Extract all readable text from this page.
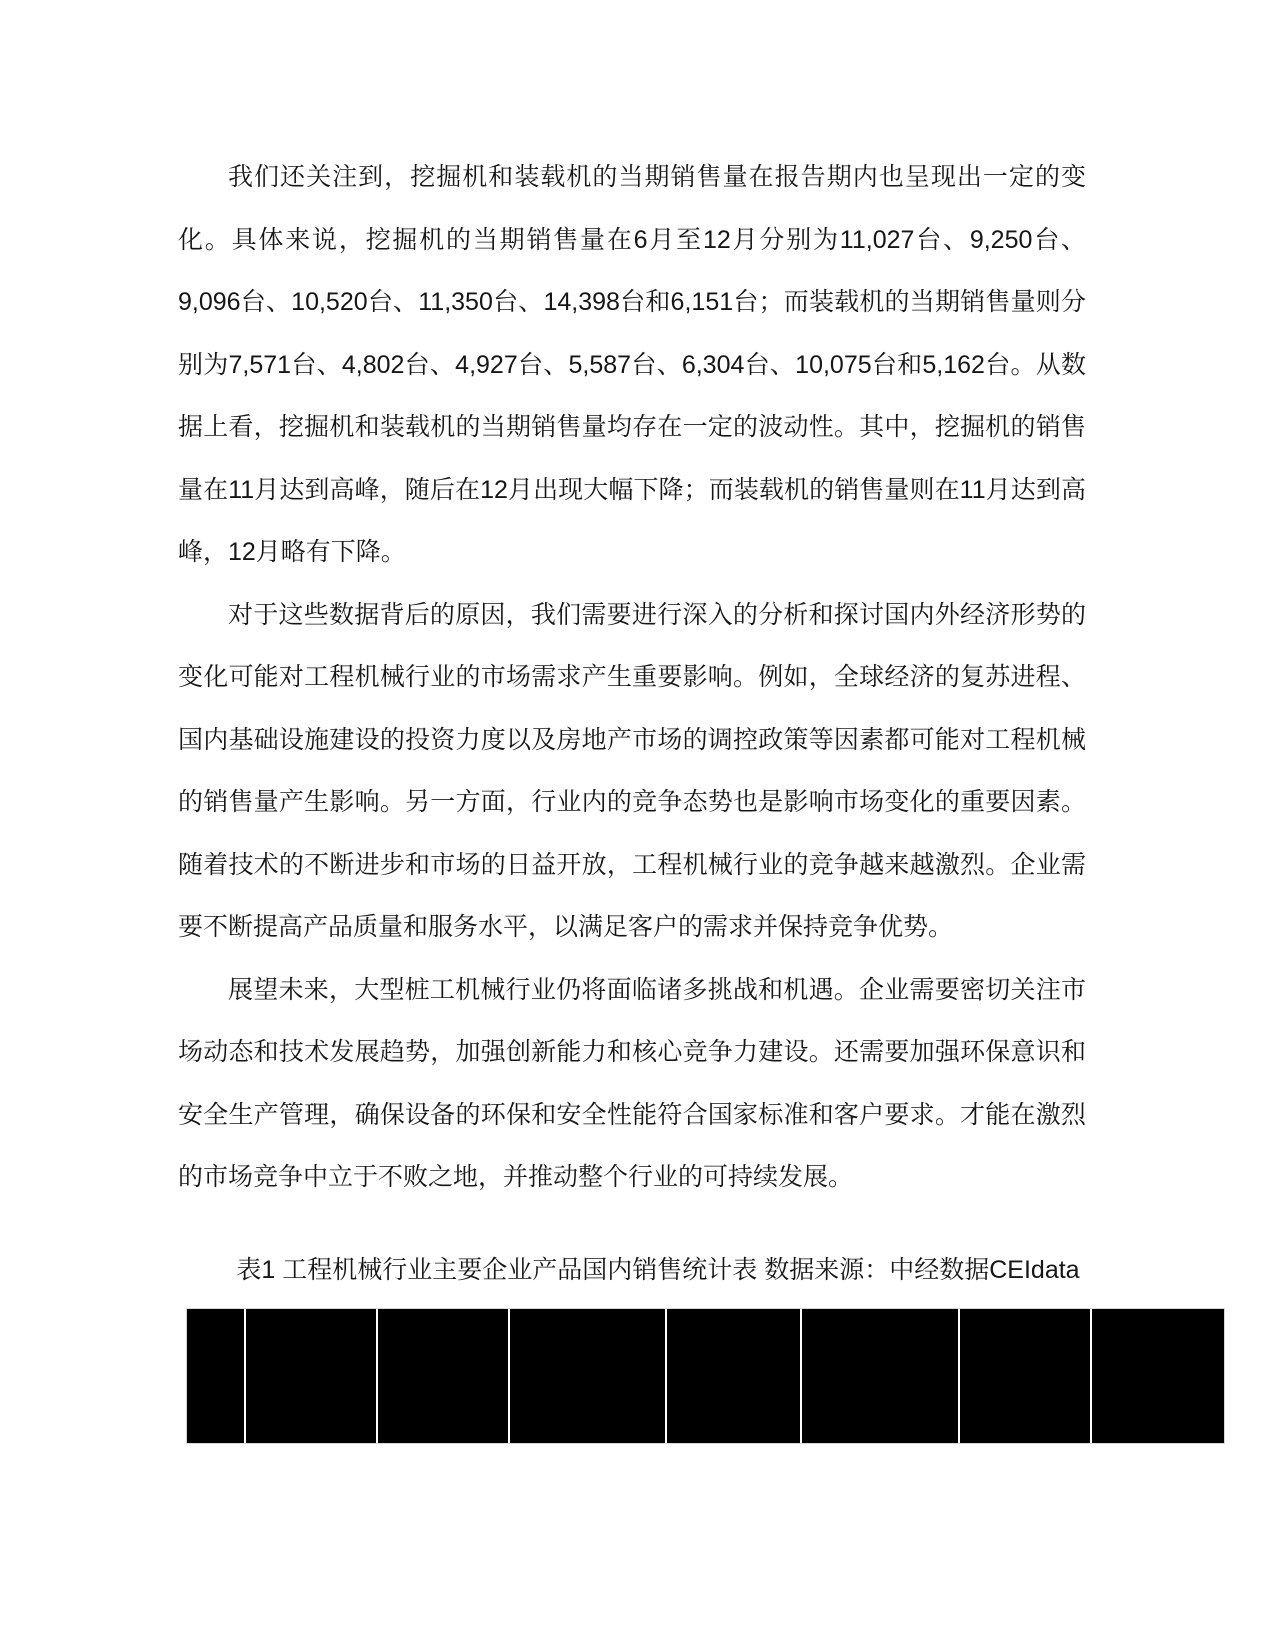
我们还关注到，挖掘机和装载机的当期销售量在报告期内也呈现出一定的变化。具体来说，挖掘机的当期销售量在6月至12月分别为11,027台、9,250台、9,096台、10,520台、11,350台、14,398台和6,151台；而装载机的当期销售量则分别为7,571台、4,802台、4,927台、5,587台、6,304台、10,075台和5,162台。从数据上看，挖掘机和装载机的当期销售量均存在一定的波动性。其中，挖掘机的销售量在11月达到高峰，随后在12月出现大幅下降；而装载机的销售量则在11月达到高峰，12月略有下降。

对于这些数据背后的原因，我们需要进行深入的分析和探讨国内外经济形势的变化可能对工程机械行业的市场需求产生重要影响。例如，全球经济的复苏进程、国内基础设施建设的投资力度以及房地产市场的调控政策等因素都可能对工程机械的销售量产生影响。另一方面，行业内的竞争态势也是影响市场变化的重要因素。随着技术的不断进步和市场的日益开放，工程机械行业的竞争越来越激烈。企业需要不断提高产品质量和服务水平，以满足客户的需求并保持竞争优势。

展望未来，大型桩工机械行业仍将面临诸多挑战和机遇。企业需要密切关注市场动态和技术发展趋势，加强创新能力和核心竞争力建设。还需要加强环保意识和安全生产管理，确保设备的环保和安全性能符合国家标准和客户要求。才能在激烈的市场竞争中立于不败之地，并推动整个行业的可持续发展。

表1 工程机械行业主要企业产品国内销售统计表 数据来源：中经数据CEIdata
